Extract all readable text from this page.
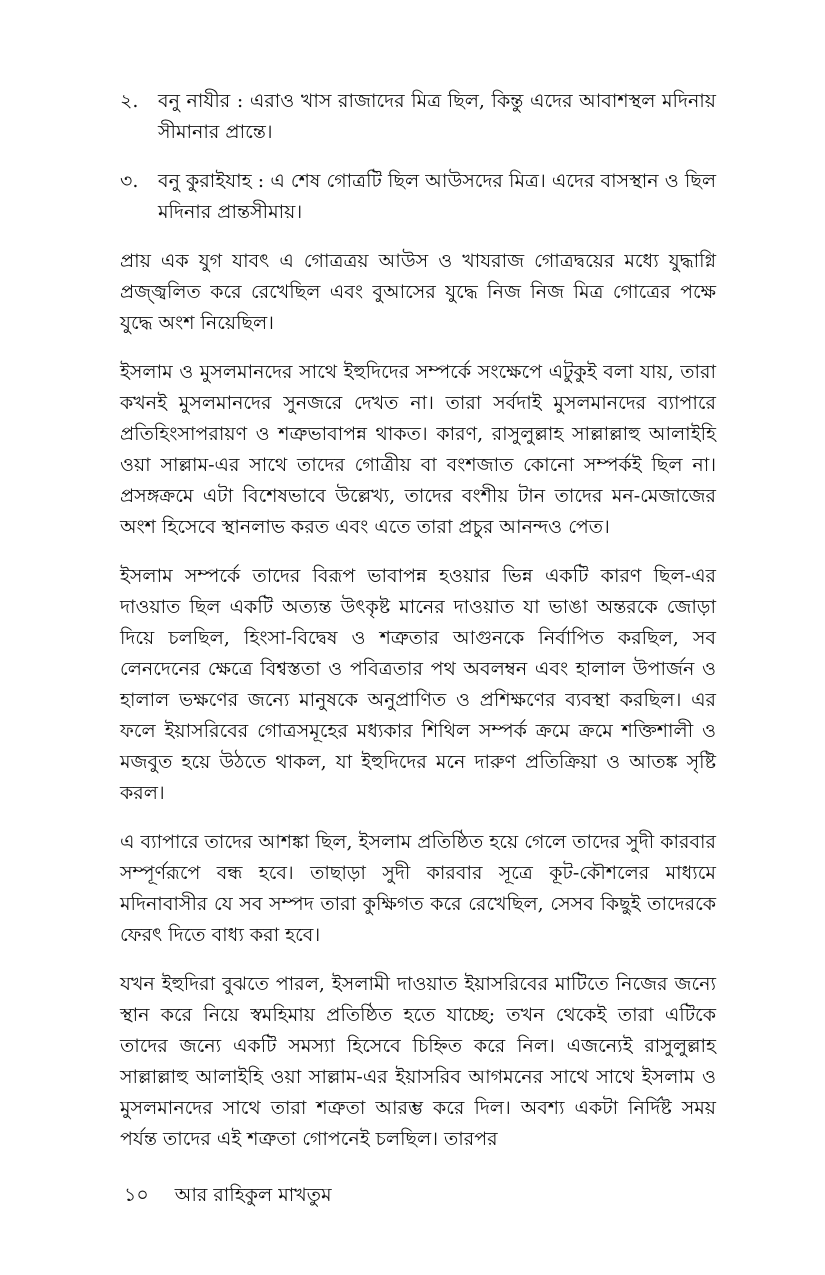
২.	বনু নাযীর : এরাও খাস রাজাদের মিত্র ছিল, কিন্তু এদের আবাশস্থল মদিনায় সীমানার প্রান্তে।
৩.	বনু কুরাইযাহ : এ শেষ গোত্রটি ছিল আউসদের মিত্র। এদের বাসস্থান ও ছিল মদিনার প্রান্তসীমায়।

প্রায় এক যুগ যাবৎ এ গোত্রত্রয় আউস ও খাযরাজ গোত্রদ্বয়ের মধ্যে যুদ্ধাগ্নি প্রজ্জ্বলিত করে রেখেছিল এবং বুআসের যুদ্ধে নিজ নিজ মিত্র গোত্রের পক্ষে যুদ্ধে অংশ নিয়েছিল।

ইসলাম ও মুসলমানদের সাথে ইহুদিদের সম্পর্কে সংক্ষেপে এটুকুই বলা যায়, তারা কখনই মুসলমানদের সুনজরে দেখত না। তারা সর্বদাই মুসলমানদের ব্যাপারে প্রতিহিংসাপরায়ণ ও শত্রুভাবাপন্ন থাকত। কারণ, রাসুলুল্লাহ সাল্লাল্লাহু আলাইহি ওয়া সাল্লাম-এর সাথে তাদের গোত্রীয় বা বংশজাত কোনো সম্পর্কই ছিল না। প্রসঙ্গক্রমে এটা বিশেষভাবে উল্লেখ্য, তাদের বংশীয় টান তাদের মন-মেজাজের অংশ হিসেবে স্থানলাভ করত এবং এতে তারা প্রচুর আনন্দও পেত।

ইসলাম সম্পর্কে তাদের বিরূপ ভাবাপন্ন হওয়ার ভিন্ন একটি কারণ ছিল-এর দাওয়াত ছিল একটি অত্যন্ত উৎকৃষ্ট মানের দাওয়াত যা ভাঙা অন্তরকে জোড়া দিয়ে চলছিল, হিংসা-বিদ্বেষ ও শত্রুতার আগুনকে নির্বাপিত করছিল, সব লেনদেনের ক্ষেত্রে বিশ্বস্ততা ও পবিত্রতার পথ অবলম্বন এবং হালাল উপার্জন ও হালাল ভক্ষণের জন্যে মানুষকে অনুপ্রাণিত ও প্রশিক্ষণের ব্যবস্থা করছিল। এর ফলে ইয়াসরিবের গোত্রসমূহের মধ্যকার শিথিল সম্পর্ক ক্রমে ক্রমে শক্তিশালী ও মজবুত হয়ে উঠতে থাকল, যা ইহুদিদের মনে দারুণ প্রতিক্রিয়া ও আতঙ্ক সৃষ্টি করল।

এ ব্যাপারে তাদের আশঙ্কা ছিল, ইসলাম প্রতিষ্ঠিত হয়ে গেলে তাদের সুদী কারবার সম্পূর্ণরূপে বন্ধ হবে। তাছাড়া সুদী কারবার সূত্রে কূট-কৌশলের মাধ্যমে মদিনাবাসীর যে সব সম্পদ তারা কুক্ষিগত করে রেখেছিল, সেসব কিছুই তাদেরকে ফেরৎ দিতে বাধ্য করা হবে।

যখন ইহুদিরা বুঝতে পারল, ইসলামী দাওয়াত ইয়াসরিবের মাটিতে নিজের জন্যে স্থান করে নিয়ে স্বমহিমায় প্রতিষ্ঠিত হতে যাচ্ছে; তখন থেকেই তারা এটিকে তাদের জন্যে একটি সমস্যা হিসেবে চিহ্নিত করে নিল। এজন্যেই রাসুলুল্লাহ সাল্লাল্লাহু আলাইহি ওয়া সাল্লাম-এর ইয়াসরিব আগমনের সাথে সাথে ইসলাম ও মুসলমানদের সাথে তারা শত্রুতা আরম্ভ করে দিল। অবশ্য একটা নির্দিষ্ট সময় পর্যন্ত তাদের এই শত্রুতা গোপনেই চলছিল। তারপর

১০ আর রাহিকুল মাখতুম
